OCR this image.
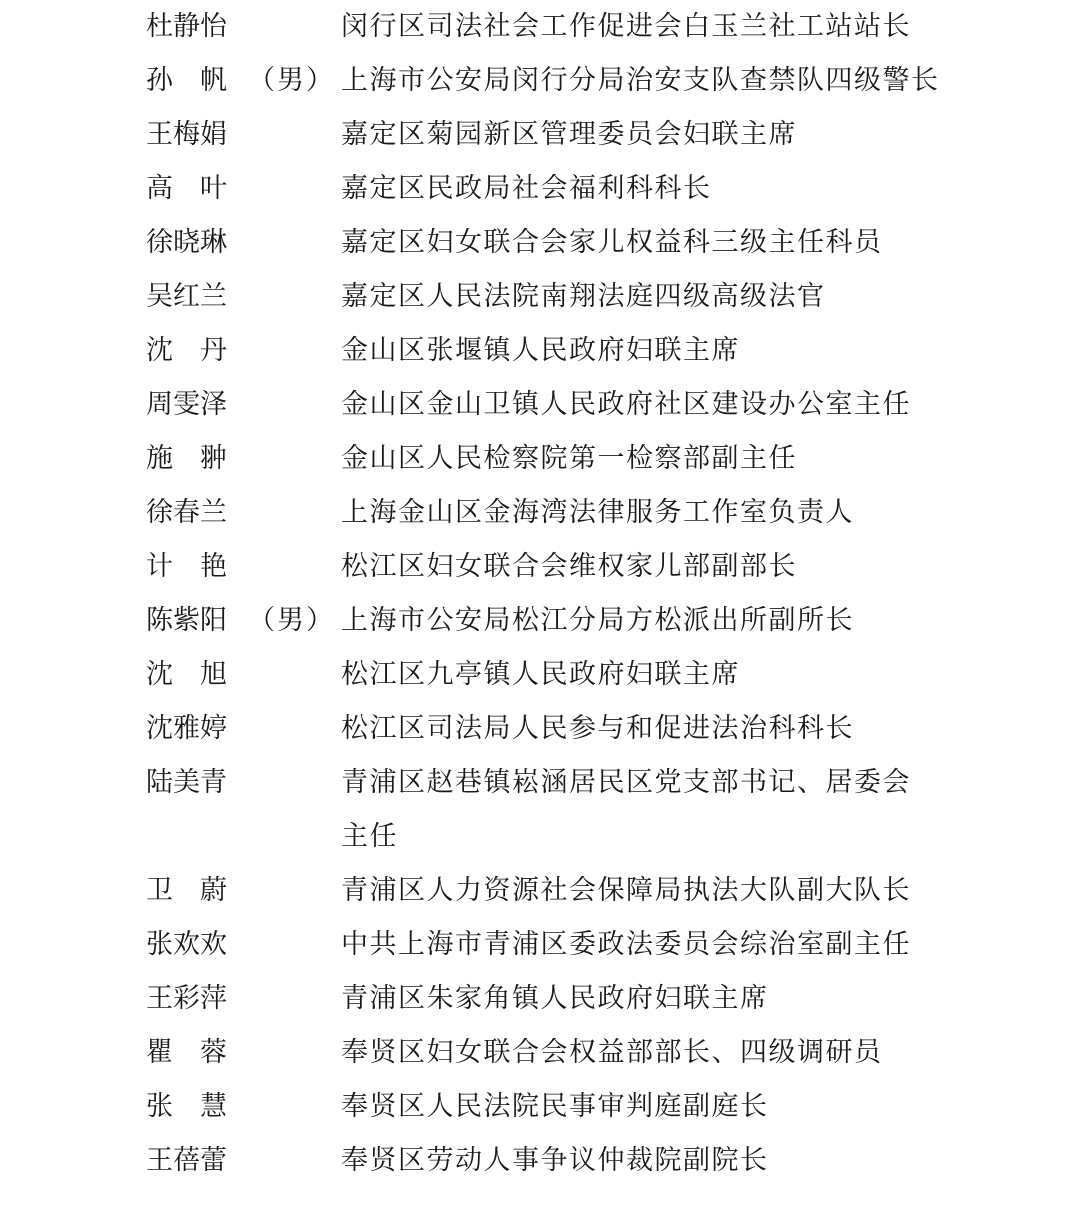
杜静怡	闵行区司法社会工作促进会白玉兰社工站站长
孙　帆 （男） 上海市公安局闵行分局治安支队查禁队四级警长
王梅娟	嘉定区菊园新区管理委员会妇联主席
高　叶	嘉定区民政局社会福利科科长
徐晓琳	嘉定区妇女联合会家儿权益科三级主任科员
吴红兰	嘉定区人民法院南翔法庭四级高级法官
沈　丹	金山区张堰镇人民政府妇联主席
周雯泽	金山区金山卫镇人民政府社区建设办公室主任
施　翀	金山区人民检察院第一检察部副主任
徐春兰	上海金山区金海湾法律服务工作室负责人
计　艳	松江区妇女联合会维权家儿部副部长
陈紫阳 （男） 上海市公安局松江分局方松派出所副所长
沈　旭	松江区九亭镇人民政府妇联主席
沈雅婷	松江区司法局人民参与和促进法治科科长
陆美青	青浦区赵巷镇崧涵居民区党支部书记、居委会主任
卫　蔚	青浦区人力资源社会保障局执法大队副大队长
张欢欢	中共上海市青浦区委政法委员会综治室副主任
王彩萍	青浦区朱家角镇人民政府妇联主席
瞿　蓉	奉贤区妇女联合会权益部部长、四级调研员
张　慧	奉贤区人民法院民事审判庭副庭长
王蓓蕾	奉贤区劳动人事争议仲裁院副院长
